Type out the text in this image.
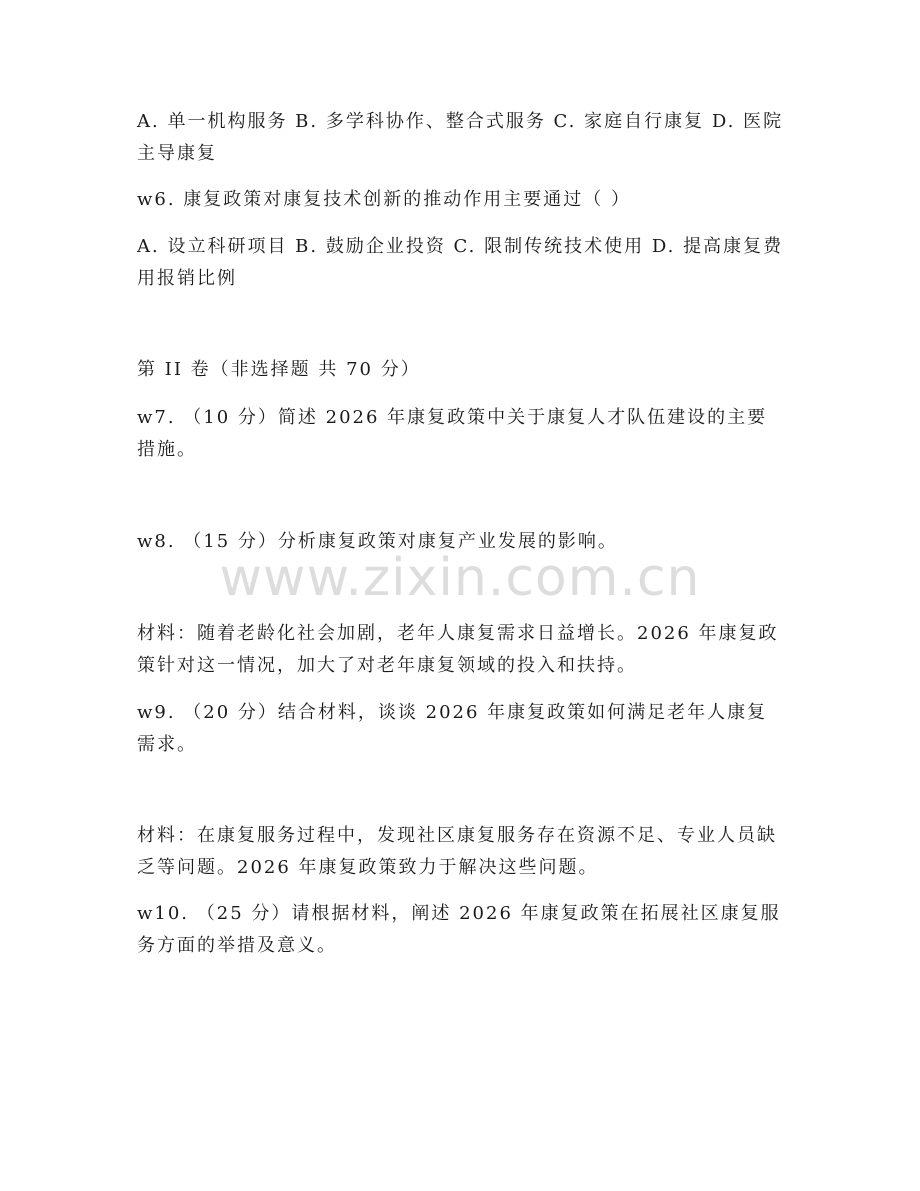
A. 单一机构服务 B. 多学科协作、整合式服务 C. 家庭自行康复 D. 医院主导康复

w6. 康复政策对康复技术创新的推动作用主要通过（ ）

A. 设立科研项目 B. 鼓励企业投资 C. 限制传统技术使用 D. 提高康复费用报销比例

第 II 卷（非选择题 共 70 分）

w7. （10 分）简述 2026 年康复政策中关于康复人才队伍建设的主要措施。

w8. （15 分）分析康复政策对康复产业发展的影响。

材料：随着老龄化社会加剧，老年人康复需求日益增长。2026 年康复政策针对这一情况，加大了对老年康复领域的投入和扶持。

w9. （20 分）结合材料，谈谈 2026 年康复政策如何满足老年人康复需求。

材料：在康复服务过程中，发现社区康复服务存在资源不足、专业人员缺乏等问题。2026 年康复政策致力于解决这些问题。

w10. （25 分）请根据材料，阐述 2026 年康复政策在拓展社区康复服务方面的举措及意义。

www.zixin.com.cn
